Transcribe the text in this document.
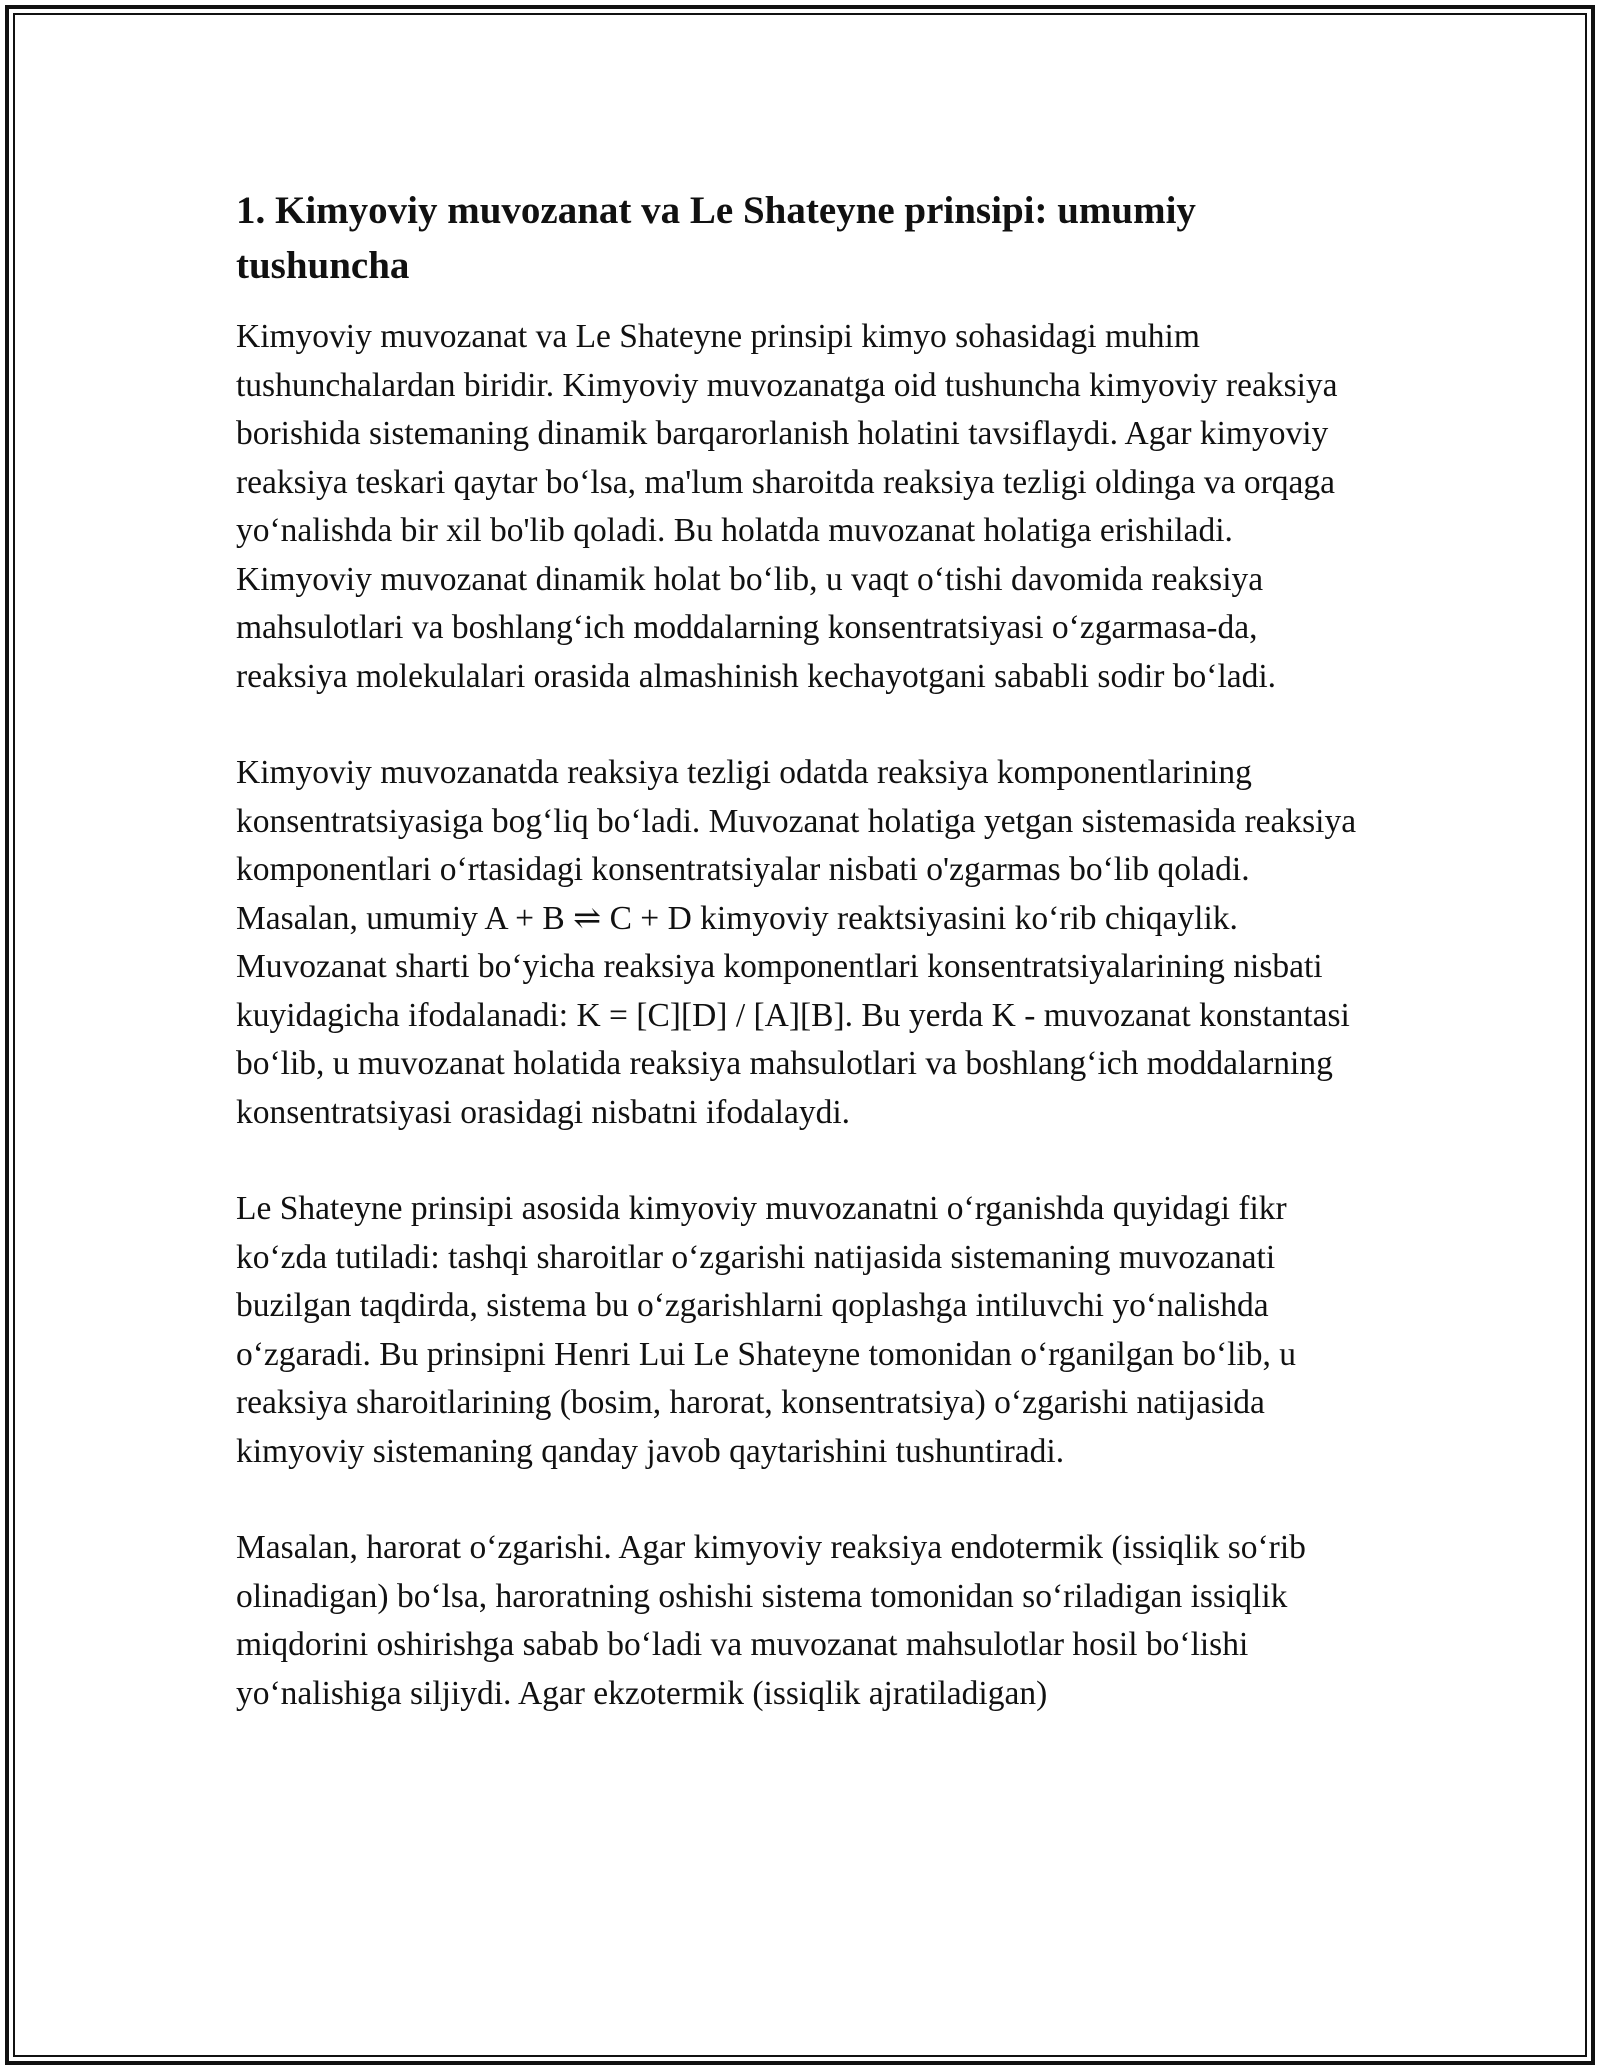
1. Kimyoviy muvozanat va Le Shateyne prinsipi: umumiy tushuncha

Kimyoviy muvozanat va Le Shateyne prinsipi kimyo sohasidagi muhim tushunchalardan biridir. Kimyoviy muvozanatga oid tushuncha kimyoviy reaksiya borishida sistemaning dinamik barqarorlanish holatini tavsiflaydi. Agar kimyoviy reaksiya teskari qaytar bo‘lsa, ma'lum sharoitda reaksiya tezligi oldinga va orqaga yo‘nalishda bir xil bo'lib qoladi. Bu holatda muvozanat holatiga erishiladi. Kimyoviy muvozanat dinamik holat bo‘lib, u vaqt o‘tishi davomida reaksiya mahsulotlari va boshlang‘ich moddalarning konsentratsiyasi o‘zgarmasa-da, reaksiya molekulalari orasida almashinish kechayotgani sababli sodir bo‘ladi.

Kimyoviy muvozanatda reaksiya tezligi odatda reaksiya komponentlarining konsentratsiyasiga bog‘liq bo‘ladi. Muvozanat holatiga yetgan sistemasida reaksiya komponentlari o‘rtasidagi konsentratsiyalar nisbati o'zgarmas bo‘lib qoladi. Masalan, umumiy A + B ⇌ C + D kimyoviy reaktsiyasini ko‘rib chiqaylik. Muvozanat sharti bo‘yicha reaksiya komponentlari konsentratsiyalarining nisbati kuyidagicha ifodalanadi: K = [C][D] / [A][B]. Bu yerda K - muvozanat konstantasi bo‘lib, u muvozanat holatida reaksiya mahsulotlari va boshlang‘ich moddalarning konsentratsiyasi orasidagi nisbatni ifodalaydi.

Le Shateyne prinsipi asosida kimyoviy muvozanatni o‘rganishda quyidagi fikr ko‘zda tutiladi: tashqi sharoitlar o‘zgarishi natijasida sistemaning muvozanati buzilgan taqdirda, sistema bu o‘zgarishlarni qoplashga intiluvchi yo‘nalishda o‘zgaradi. Bu prinsipni Henri Lui Le Shateyne tomonidan o‘rganilgan bo‘lib, u reaksiya sharoitlarining (bosim, harorat, konsentratsiya) o‘zgarishi natijasida kimyoviy sistemaning qanday javob qaytarishini tushuntiradi.

Masalan, harorat o‘zgarishi. Agar kimyoviy reaksiya endotermik (issiqlik so‘rib olinadigan) bo‘lsa, haroratning oshishi sistema tomonidan so‘riladigan issiqlik miqdorini oshirishga sabab bo‘ladi va muvozanat mahsulotlar hosil bo‘lishi yo‘nalishiga siljiydi. Agar ekzotermik (issiqlik ajratiladigan)
